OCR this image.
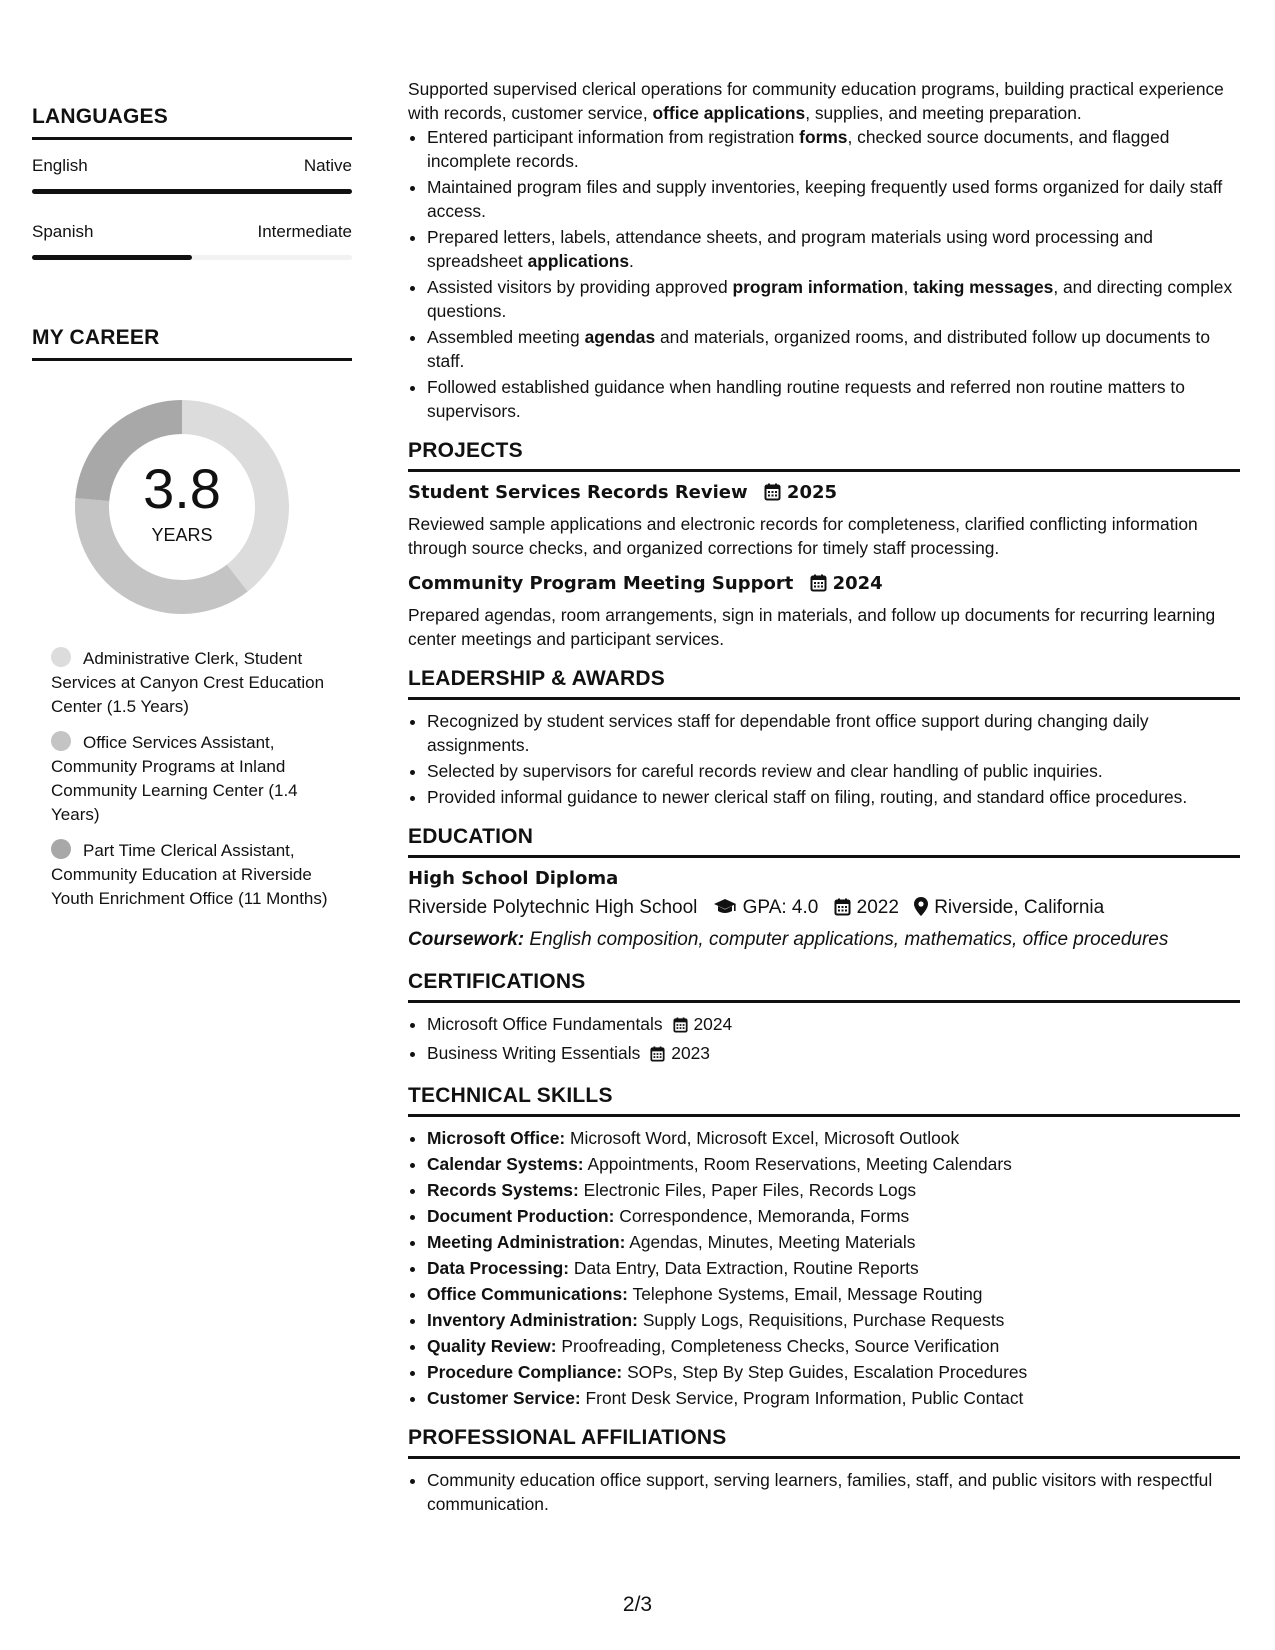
LANGUAGES
English	Native
Spanish	Intermediate
MY CAREER
3.8
YEARS
Administrative Clerk, Student Services at Canyon Crest Education Center (1.5 Years)
Office Services Assistant, Community Programs at Inland Community Learning Center (1.4 Years)
Part Time Clerical Assistant, Community Education at Riverside Youth Enrichment Office (11 Months)

Supported supervised clerical operations for community education programs, building practical experience with records, customer service, office applications, supplies, and meeting preparation.

• Entered participant information from registration forms, checked source documents, and flagged incomplete records.
• Maintained program files and supply inventories, keeping frequently used forms organized for daily staff access.
• Prepared letters, labels, attendance sheets, and program materials using word processing and spreadsheet applications.
• Assisted visitors by providing approved program information, taking messages, and directing complex questions.
• Assembled meeting agendas and materials, organized rooms, and distributed follow up documents to staff.
• Followed established guidance when handling routine requests and referred non routine matters to supervisors.
PROJECTS
Student Services Records Review 2025

Reviewed sample applications and electronic records for completeness, clarified conflicting information through source checks, and organized corrections for timely staff processing.

Community Program Meeting Support 2024

Prepared agendas, room arrangements, sign in materials, and follow up documents for recurring learning center meetings and participant services.

LEADERSHIP & AWARDS
• Recognized by student services staff for dependable front office support during changing daily assignments.
• Selected by supervisors for careful records review and clear handling of public inquiries.
• Provided informal guidance to newer clerical staff on filing, routing, and standard office procedures.
EDUCATION
High School Diploma
Riverside Polytechnic High School GPA: 4.0 2022 Riverside, California
Coursework: English composition, computer applications, mathematics, office procedures
CERTIFICATIONS
• Microsoft Office Fundamentals 2024
• Business Writing Essentials 2023
TECHNICAL SKILLS
• Microsoft Office: Microsoft Word, Microsoft Excel, Microsoft Outlook
• Calendar Systems: Appointments, Room Reservations, Meeting Calendars
• Records Systems: Electronic Files, Paper Files, Records Logs
• Document Production: Correspondence, Memoranda, Forms
• Meeting Administration: Agendas, Minutes, Meeting Materials
• Data Processing: Data Entry, Data Extraction, Routine Reports
• Office Communications: Telephone Systems, Email, Message Routing
• Inventory Administration: Supply Logs, Requisitions, Purchase Requests
• Quality Review: Proofreading, Completeness Checks, Source Verification
• Procedure Compliance: SOPs, Step By Step Guides, Escalation Procedures
• Customer Service: Front Desk Service, Program Information, Public Contact
PROFESSIONAL AFFILIATIONS
• Community education office support, serving learners, families, staff, and public visitors with respectful communication.
2/3
